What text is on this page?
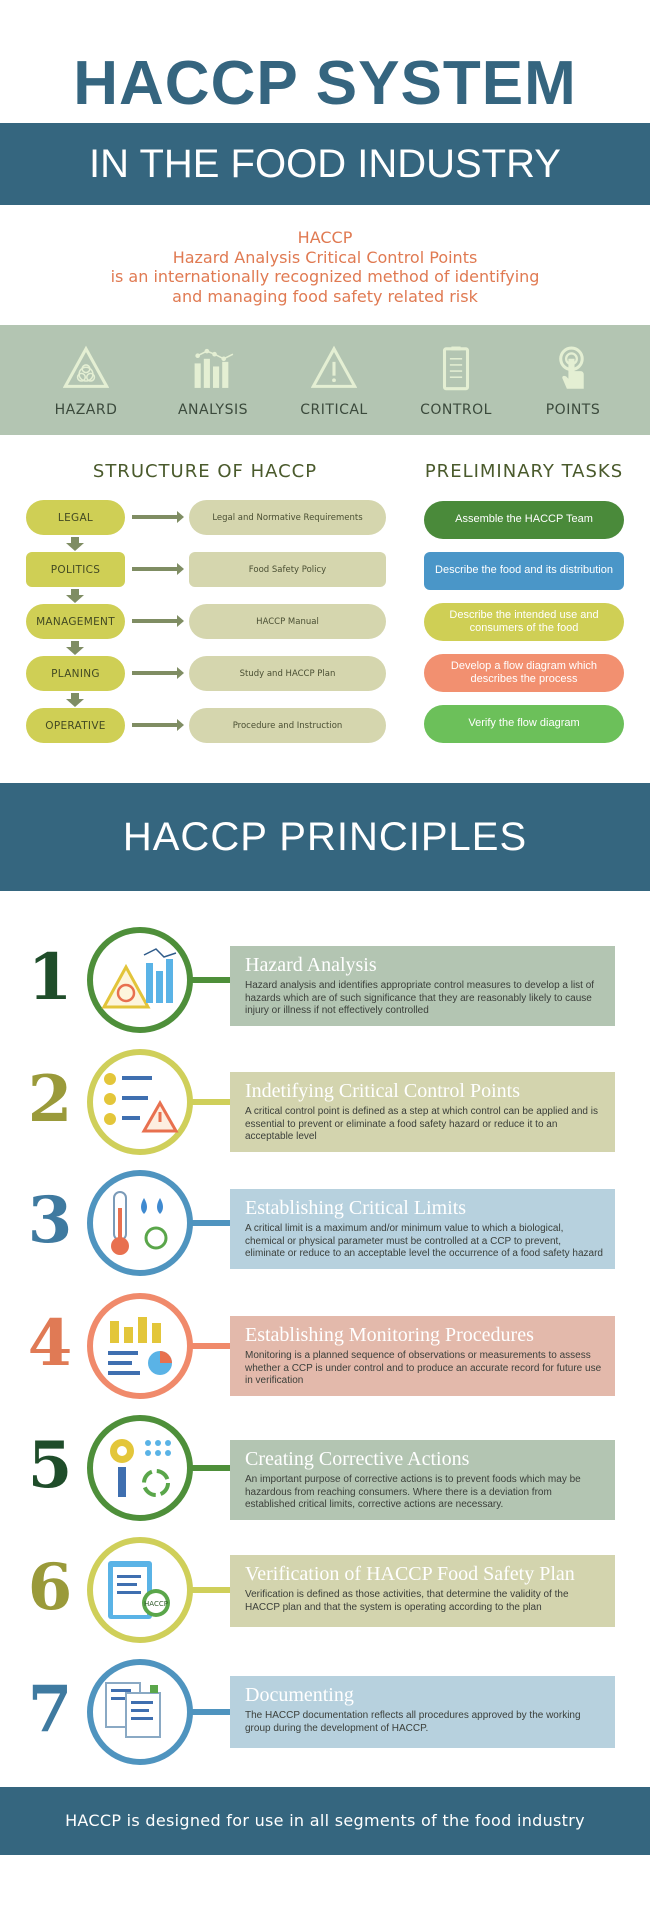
HACCP SYSTEM
IN THE FOOD INDUSTRY
HACCP
Hazard Analysis Critical Control Points
is an internationally recognized method of identifying
and managing food safety related risk
HAZARD	ANALYSIS	CRITICAL	CONTROL	POINTS
STRUCTURE OF HACCP	PRELIMINARY TASKS
LEGAL
POLITICS
MANAGEMENT
PLANING
OPERATIVE
Legal and Normative Requirements
Food Safety Policy
HACCP Manual
Study and HACCP Plan
Procedure and Instruction
Assemble the HACCP Team
Describe the food and its distribution
Describe the intended use and consumers of the food
Develop a flow diagram which describes the process
Verify the flow diagram
HACCP PRINCIPLES
1	Hazard Analysis

Hazard analysis and identifies appropriate control measures to develop a list of hazards which are of such significance that they are reasonably likely to cause injury or illness if not effectively controlled

2	Indetifying Critical Control Points

A critical control point is defined as a step at which control can be applied and is essential to prevent or eliminate a food safety hazard or reduce it to an acceptable level

3	Establishing Critical Limits

A critical limit is a maximum and/or minimum value to which a biological, chemical or physical parameter must be controlled at a CCP to prevent, eliminate or reduce to an acceptable level the occurrence of a food safety hazard

4	Establishing Monitoring Procedures

Monitoring is a planned sequence of observations or measurements to assess whether a CCP is under control and to produce an accurate record for future use in verification

5	Creating Corrective Actions

An important purpose of corrective actions is to prevent foods which may be hazardous from reaching consumers. Where there is a deviation from established critical limits, corrective actions are necessary.

6	HACCP
Verification of HACCP Food Safety Plan

Verification is defined as those activities, that determine the validity of the HACCP plan and that the system is operating according to the plan

7	Documenting

The HACCP documentation reflects all procedures approved by the working group during the development of HACCP.

HACCP is designed for use in all segments of the food industry
